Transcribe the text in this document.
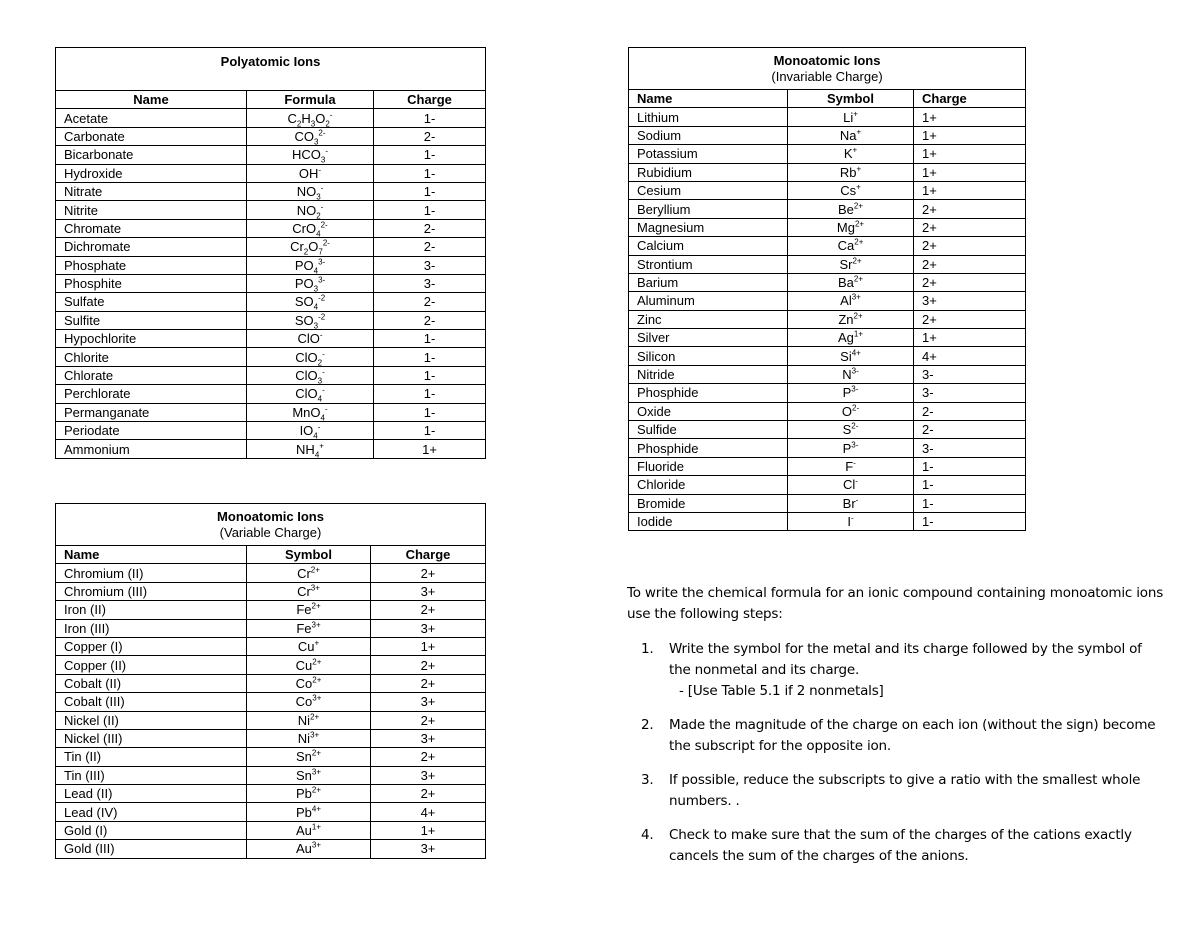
Polyatomic Ions		

Name	Formula	Charge
Acetate	$C_2H_3O_2^-$	1-
Carbonate	$CO_3^{2-}$	2-
Bicarbonate	$HCO_3^-$	1-
Hydroxide	OH-	1-
Nitrate	$NO_3^-$	1-
Nitrite	$NO_2^-$	1-
Chromate	CrO$_4^{2-}$	2-
Dichromate	$Cr_2O_7^{2-}$	2-
Phosphate	$PO_4^{3-}$	3-
Phosphite	$PO_3^{3-}$	3-
Sulfate	$SO_4^{-2}$	2-
Sulfite	$SO_3^{-2}$	2-
Hypochlorite	ClO-	1-
Chlorite	ClO$_2$-	1-
Chlorate	ClO$_3$-	1-
Perchlorate	ClO$_4$-	1-
Permanganate	MnO$_4$-	1-
Periodate	$IO_4^-$	1-
Ammonium	$NH_4^+$	1+
Monoatomic Ions
(Variable Charge)		

Name	Symbol	Charge
Chromium (II)	$Cr^{2+}$	2+
Chromium (III)	$Cr^{3+}$	3+
Iron (II)	$Fe^{2+}$	2+
Iron (III)	$Fe^{3+}$	3+
Copper (I)	Cu+	1+
Copper (II)	$Cu^{2+}$	2+
Cobalt (II)	$Co^{2+}$	2+
Cobalt (III)	$Co^{3+}$	3+
Nickel (II)	$Ni^{2+}$	2+
Nickel (III)	$Ni^{3+}$	3+
Tin (II)	$Sn^{2+}$	2+
Tin (III)	$Sn^{3+}$	3+
Lead (II)	$Pb^{2+}$	2+
Lead (IV)	$Pb^{4+}$	4+
Gold (I)	$Au^{1+}$	1+
Gold (III)	$Au^{3+}$	3+
Monoatomic Ions
(Invariable Charge)		

Name	Symbol	Charge
Lithium	Li+	1+
Sodium	Na+	1+
Potassium	K+	1+
Rubidium	Rb+	1+
Cesium	Cs+	1+
Beryllium	$Be^{2+}$	2+
Magnesium	$Mg^{2+}$	2+
Calcium	$Ca^{2+}$	2+
Strontium	$Sr^{2+}$	2+
Barium	$Ba^{2+}$	2+
Aluminum	$Al^{3+}$	3+
Zinc	$Zn^{2+}$	2+
Silver	$Ag^{1+}$	1+
Silicon	$Si^{4+}$	4+
Nitride	$N^{3-}$	3-
Phosphide	$P^{3-}$	3-
Oxide	$O^{2-}$	2-
Sulfide	$S^{2-}$	2-
Phosphide	$P^{3-}$	3-
Fluoride	F-	1-
Chloride	Cl-	1-
Bromide	Br-	1-
Iodide	I-	1-

To write the chemical formula for an ionic compound containing monoatomic ions use the following steps:

1. Write the symbol for the metal and its charge followed by the symbol of the nonmetal and its charge.
- [Use Table 5.1 if 2 nonmetals]
2. Made the magnitude of the charge on each ion (without the sign) become the subscript for the opposite ion.
3. If possible, reduce the subscripts to give a ratio with the smallest whole numbers. .
4. Check to make sure that the sum of the charges of the cations exactly cancels the sum of the charges of the anions.
